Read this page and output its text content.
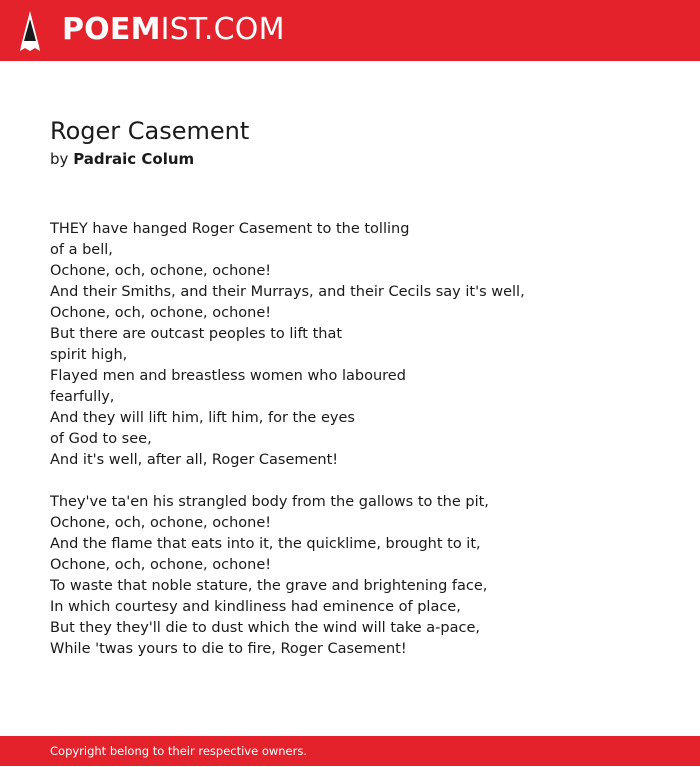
POEMIST.COM
Roger Casement
by Padraic Colum
THEY have hanged Roger Casement to the tolling
of a bell,
Ochone, och, ochone, ochone!
And their Smiths, and their Murrays, and their Cecils say it's well,
Ochone, och, ochone, ochone!
But there are outcast peoples to lift that
spirit high,
Flayed men and breastless women who laboured
fearfully,
And they will lift him, lift him, for the eyes
of God to see,
And it's well, after all, Roger Casement!
They've ta'en his strangled body from the gallows to the pit,
Ochone, och, ochone, ochone!
And the flame that eats into it, the quicklime, brought to it,
Ochone, och, ochone, ochone!
To waste that noble stature, the grave and brightening face,
In which courtesy and kindliness had eminence of place,
But they they'll die to dust which the wind will take a-pace,
While 'twas yours to die to fire, Roger Casement!
Copyright belong to their respective owners.
